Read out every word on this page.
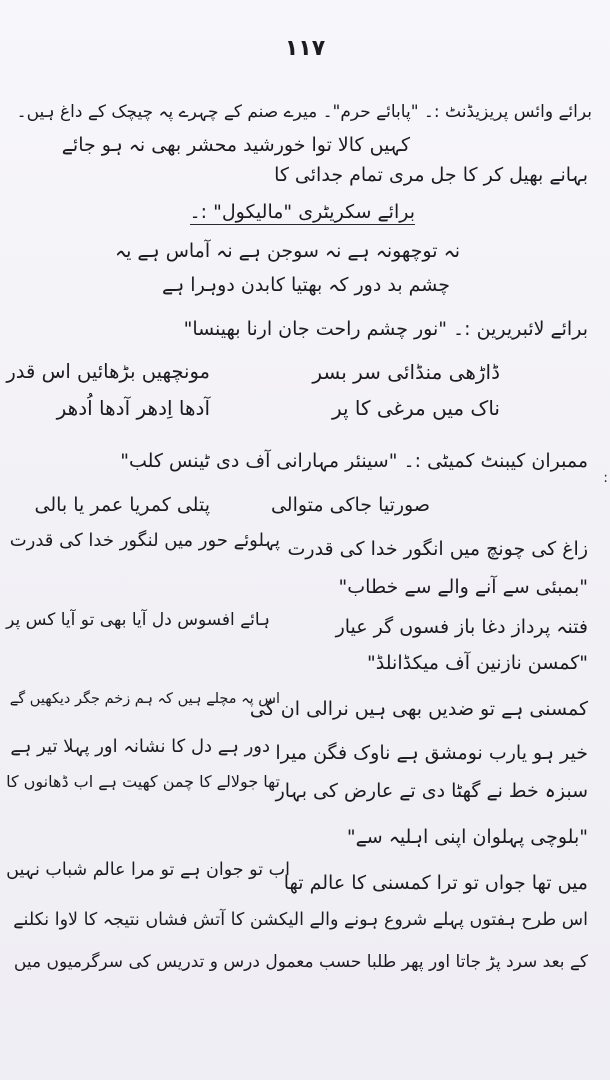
۱۱۷
برائے وائس پریزیڈنٹ :۔ "پابائے حرم"۔ میرے صنم کے چہرے پہ چیچک کے داغ ہیں۔
کہیں کالا توا خورشید محشر بھی نہ ہو جائے
بہانے بھیل کر کا جل مری تمام جدائی کا
برائے سکریٹری "مالیکول" :۔
نہ توچھونہ ہے نہ سوجن ہے نہ آماس ہے یہ
چشم بد دور کہ بھتیا کابدن دوہرا ہے
برائے لائبریرین :۔ "نور چشم راحت جان ارنا بھینسا"
ڈاڑھی منڈائی سر بسر
مونچھیں بڑھائیں اس قدر
ناک میں مرغی کا پر
آدھا اِدھر آدھا اُدھر
ممبران کیبنٹ کمیٹی :۔ "سینئر مہارانی آف دی ٹینس کلب"
:
صورتیا جاکی متوالی
پتلی کمریا عمر یا بالی
زاغ کی چونچ میں انگور خدا کی قدرت
پہلوئے حور میں لنگور خدا کی قدرت
"بمبئی سے آنے والے سے خطاب"
فتنہ پرداز دغا باز فسوں گر عیار
ہائے افسوس دل آیا بھی تو آیا کس پر
"کمسن نازنین آف میکڈانلڈ"
کمسنی ہے تو ضدیں بھی ہیں نرالی ان کی
اس پہ مچلے ہیں کہ ہم زخم جگر دیکھیں گے
خیر ہو یارب نومشق ہے ناوک فگن میرا
دور ہے دل کا نشانہ اور پہلا تیر ہے
سبزہ خط نے گھٹا دی تے عارض کی بہار
تھا جولالے کا چمن کھیت ہے اب ڈھانوں کا
"بلوچی پہلوان اپنی اہلیہ سے"
میں تھا جواں تو ترا کمسنی کا عالم تھا
اب تو جوان ہے تو مرا عالم شباب نہیں
اس طرح ہفتوں پہلے شروع ہونے والے الیکشن کا آتش فشاں نتیجہ کا لاوا نکلنے
کے بعد سرد پڑ جاتا اور پھر طلبا حسب معمول درس و تدریس کی سرگرمیوں میں
